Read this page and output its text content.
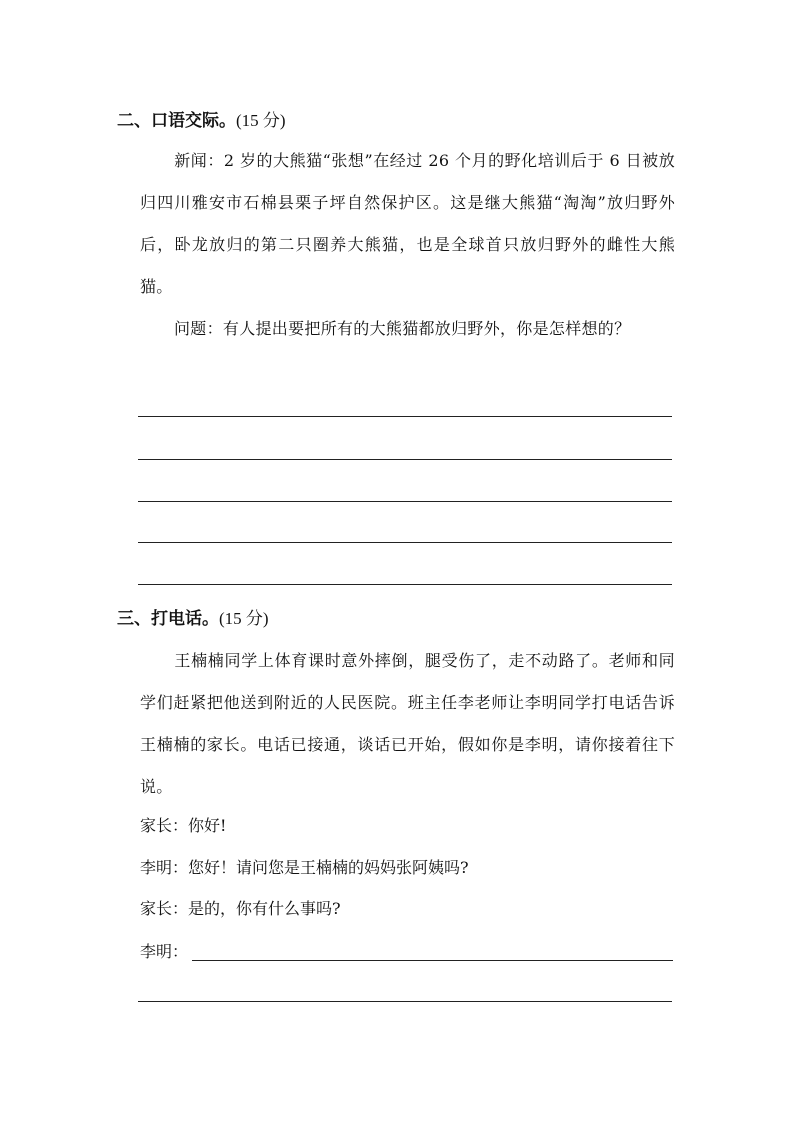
二、口语交际。(15 分)
新闻：2 岁的大熊猫“张想”在经过 26 个月的野化培训后于 6 日被放归四川雅安市石棉县栗子坪自然保护区。这是继大熊猫“淘淘”放归野外后，卧龙放归的第二只圈养大熊猫，也是全球首只放归野外的雌性大熊猫。
问题：有人提出要把所有的大熊猫都放归野外，你是怎样想的？
三、打电话。(15 分)
王楠楠同学上体育课时意外摔倒，腿受伤了，走不动路了。老师和同学们赶紧把他送到附近的人民医院。班主任李老师让李明同学打电话告诉王楠楠的家长。电话已接通，谈话已开始，假如你是李明，请你接着往下说。
家长：你好!
李明：您好！请问您是王楠楠的妈妈张阿姨吗?
家长：是的，你有什么事吗?
李明：
